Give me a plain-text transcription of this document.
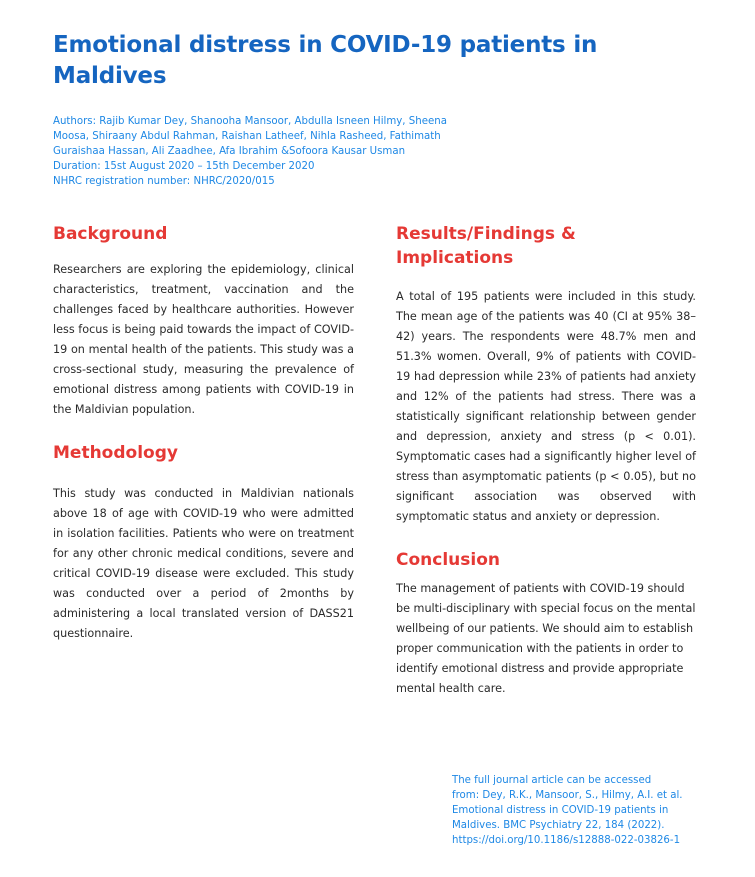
Emotional distress in COVID-19 patients in Maldives
Authors: Rajib Kumar Dey, Shanooha Mansoor, Abdulla Isneen Hilmy, Sheena Moosa, Shiraany Abdul Rahman, Raishan Latheef, Nihla Rasheed, Fathimath Guraishaa Hassan, Ali Zaadhee, Afa Ibrahim &Sofoora Kausar Usman
Duration: 15st August 2020 – 15th December 2020
NHRC registration number: NHRC/2020/015
Background

Researchers are exploring the epidemiology, clinical characteristics, treatment, vaccination and the challenges faced by healthcare authorities. However less focus is being paid towards the impact of COVID-19 on mental health of the patients. This study was a cross-sectional study, measuring the prevalence of emotional distress among patients with COVID-19 in the Maldivian population.

Methodology

This study was conducted in Maldivian nationals above 18 of age with COVID-19 who were admitted in isolation facilities. Patients who were on treatment for any other chronic medical conditions, severe and critical COVID-19 disease were excluded. This study was conducted over a period of 2months by administering a local translated version of DASS21 questionnaire.

Results/Findings & Implications

A total of 195 patients were included in this study. The mean age of the patients was 40 (CI at 95% 38–42) years. The respondents were 48.7% men and 51.3% women. Overall, 9% of patients with COVID-19 had depression while 23% of patients had anxiety and 12% of the patients had stress. There was a statistically significant relationship between gender and depression, anxiety and stress (p < 0.01). Symptomatic cases had a significantly higher level of stress than asymptomatic patients (p < 0.05), but no significant association was observed with symptomatic status and anxiety or depression.

Conclusion

The management of patients with COVID-19 should be multi-disciplinary with special focus on the mental wellbeing of our patients. We should aim to establish proper communication with the patients in order to identify emotional distress and provide appropriate mental health care.

The full journal article can be accessed
from: Dey, R.K., Mansoor, S., Hilmy, A.I. et al.
Emotional distress in COVID-19 patients in
Maldives. BMC Psychiatry 22, 184 (2022).
https://doi.org/10.1186/s12888-022-03826-1
